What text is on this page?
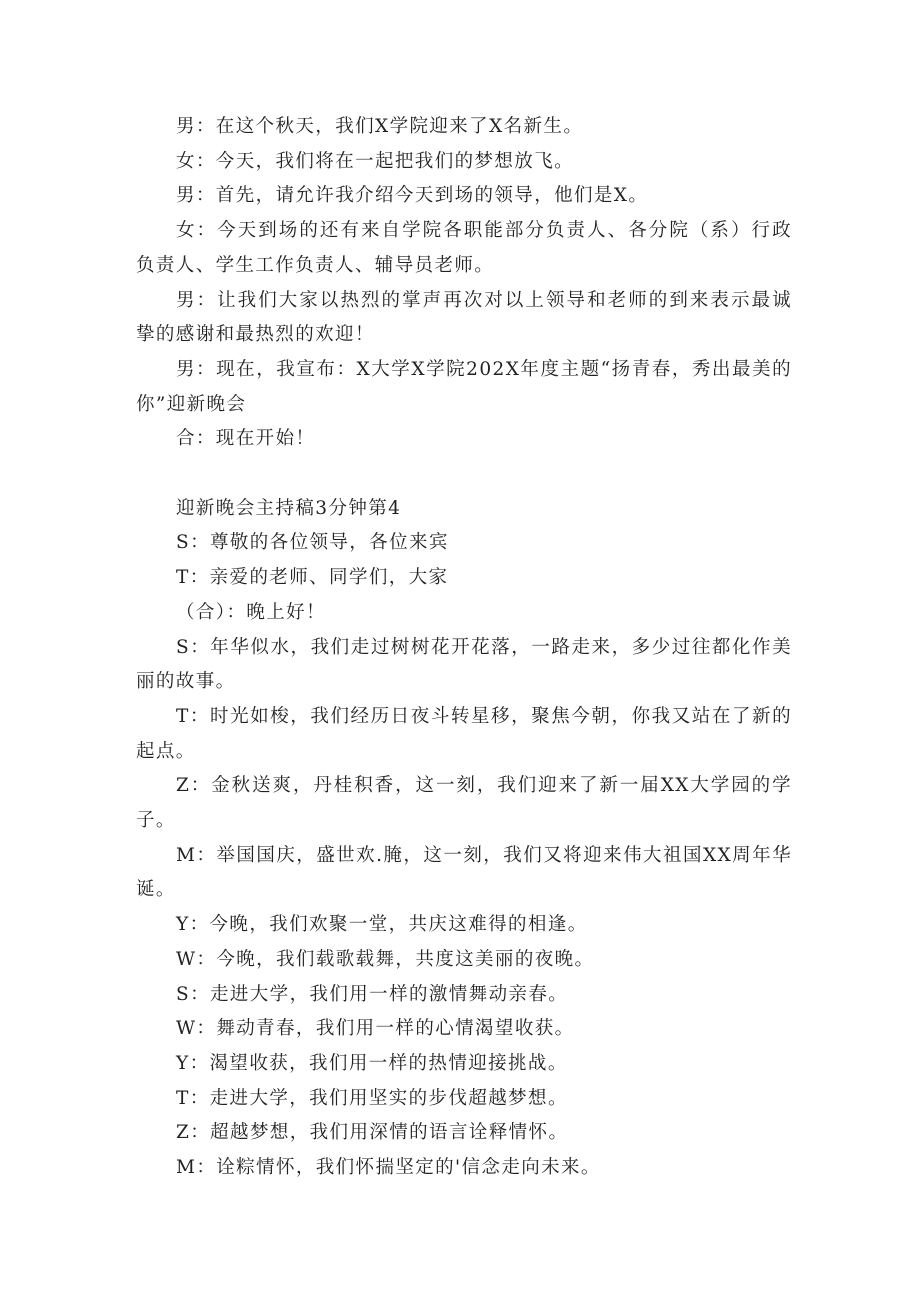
男：在这个秋天，我们X学院迎来了X名新生。

女：今天，我们将在一起把我们的梦想放飞。

男：首先，请允许我介绍今天到场的领导，他们是X。

女：今天到场的还有来自学院各职能部分负责人、各分院（系）行政负责人、学生工作负责人、辅导员老师。

男：让我们大家以热烈的掌声再次对以上领导和老师的到来表示最诚挚的感谢和最热烈的欢迎！

男：现在，我宣布：X大学X学院202X年度主题“扬青春，秀出最美的你”迎新晚会

合：现在开始！

迎新晚会主持稿3分钟第4

S：尊敬的各位领导，各位来宾

T：亲爱的老师、同学们，大家

（合）：晚上好！

S：年华似水，我们走过树树花开花落，一路走来，多少过往都化作美丽的故事。

T：时光如梭，我们经历日夜斗转星移，聚焦今朝，你我又站在了新的起点。

Z：金秋送爽，丹桂积香，这一刻，我们迎来了新一届XX大学园的学子。

M：举国国庆，盛世欢.腌，这一刻，我们又将迎来伟大祖国XX周年华诞。

Y：今晚，我们欢聚一堂，共庆这难得的相逢。

W：今晚，我们载歌载舞，共度这美丽的夜晚。

S：走进大学，我们用一样的激情舞动亲春。

W：舞动青春，我们用一样的心情渴望收获。

Y：渴望收获，我们用一样的热情迎接挑战。

T：走进大学，我们用坚实的步伐超越梦想。

Z：超越梦想，我们用深情的语言诠释情怀。

M：诠粽情怀，我们怀揣坚定的'信念走向未来。
